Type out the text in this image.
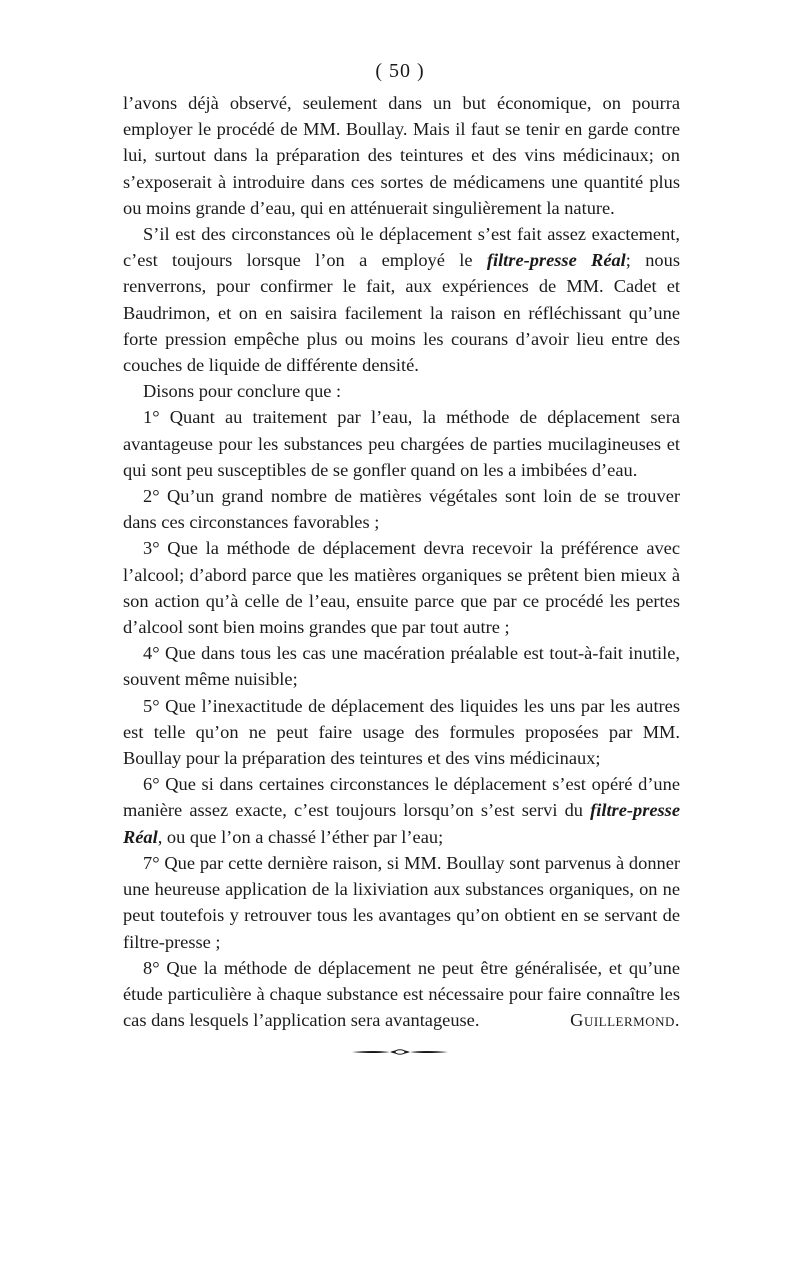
( 50 )

l’avons déjà observé, seulement dans un but économique, on pourra employer le procédé de MM. Boullay. Mais il faut se tenir en garde contre lui, surtout dans la préparation des teintures et des vins médicinaux; on s’exposerait à introduire dans ces sortes de médicamens une quantité plus ou moins grande d’eau, qui en atténuerait singulièrement la nature.

S’il est des circonstances où le déplacement s’est fait assez exactement, c’est toujours lorsque l’on a employé le filtre-presse Réal; nous renverrons, pour confirmer le fait, aux expériences de MM. Cadet et Baudrimon, et on en saisira facilement la raison en réfléchissant qu’une forte pression empêche plus ou moins les courans d’avoir lieu entre des couches de liquide de différente densité.

Disons pour conclure que :

1° Quant au traitement par l’eau, la méthode de déplacement sera avantageuse pour les substances peu chargées de parties mucilagineuses et qui sont peu susceptibles de se gonfler quand on les a imbibées d’eau.

2° Qu’un grand nombre de matières végétales sont loin de se trouver dans ces circonstances favorables ;

3° Que la méthode de déplacement devra recevoir la préférence avec l’alcool; d’abord parce que les matières organiques se prêtent bien mieux à son action qu’à celle de l’eau, ensuite parce que par ce procédé les pertes d’alcool sont bien moins grandes que par tout autre ;

4° Que dans tous les cas une macération préalable est tout-à-fait inutile, souvent même nuisible;

5° Que l’inexactitude de déplacement des liquides les uns par les autres est telle qu’on ne peut faire usage des formules proposées par MM. Boullay pour la préparation des teintures et des vins médicinaux;

6° Que si dans certaines circonstances le déplacement s’est opéré d’une manière assez exacte, c’est toujours lorsqu’on s’est servi du filtre-presse Réal, ou que l’on a chassé l’éther par l’eau;

7° Que par cette dernière raison, si MM. Boullay sont parvenus à donner une heureuse application de la lixiviation aux substances organiques, on ne peut toutefois y retrouver tous les avantages qu’on obtient en se servant de filtre-presse ;

8° Que la méthode de déplacement ne peut être généralisée, et qu’une étude particulière à chaque substance est nécessaire pour faire connaître les cas dans lesquels l’application sera avantageuse.	Guillermond.
